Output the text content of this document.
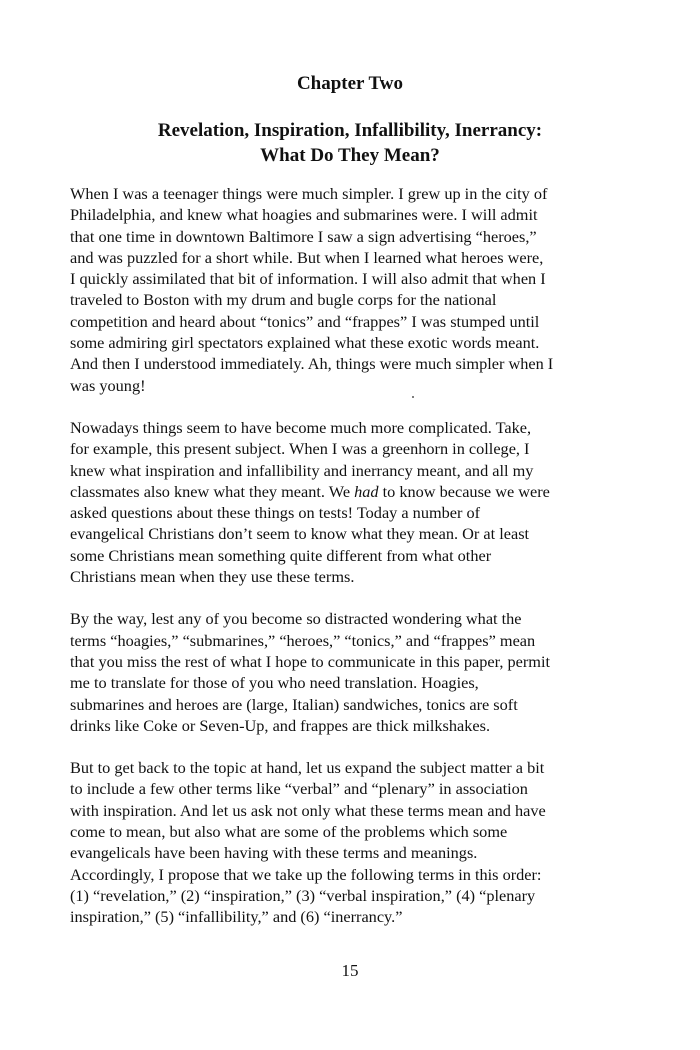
Chapter Two
Revelation, Inspiration, Infallibility, Inerrancy:
What Do They Mean?

When I was a teenager things were much simpler. I grew up in the city of
Philadelphia, and knew what hoagies and submarines were. I will admit
that one time in downtown Baltimore I saw a sign advertising “heroes,”
and was puzzled for a short while. But when I learned what heroes were,
I quickly assimilated that bit of information. I will also admit that when I
traveled to Boston with my drum and bugle corps for the national
competition and heard about “tonics” and “frappes” I was stumped until
some admiring girl spectators explained what these exotic words meant.
And then I understood immediately. Ah, things were much simpler when I
was young!

Nowadays things seem to have become much more complicated. Take,
for example, this present subject. When I was a greenhorn in college, I
knew what inspiration and infallibility and inerrancy meant, and all my
classmates also knew what they meant. We had to know because we were
asked questions about these things on tests! Today a number of
evangelical Christians don’t seem to know what they mean. Or at least
some Christians mean something quite different from what other
Christians mean when they use these terms.

By the way, lest any of you become so distracted wondering what the
terms “hoagies,” “submarines,” “heroes,” “tonics,” and “frappes” mean
that you miss the rest of what I hope to communicate in this paper, permit
me to translate for those of you who need translation. Hoagies,
submarines and heroes are (large, Italian) sandwiches, tonics are soft
drinks like Coke or Seven-Up, and frappes are thick milkshakes.

But to get back to the topic at hand, let us expand the subject matter a bit
to include a few other terms like “verbal” and “plenary” in association
with inspiration. And let us ask not only what these terms mean and have
come to mean, but also what are some of the problems which some
evangelicals have been having with these terms and meanings.
Accordingly, I propose that we take up the following terms in this order:
(1) “revelation,” (2) “inspiration,” (3) “verbal inspiration,” (4) “plenary
inspiration,” (5) “infallibility,” and (6) “inerrancy.”

15
